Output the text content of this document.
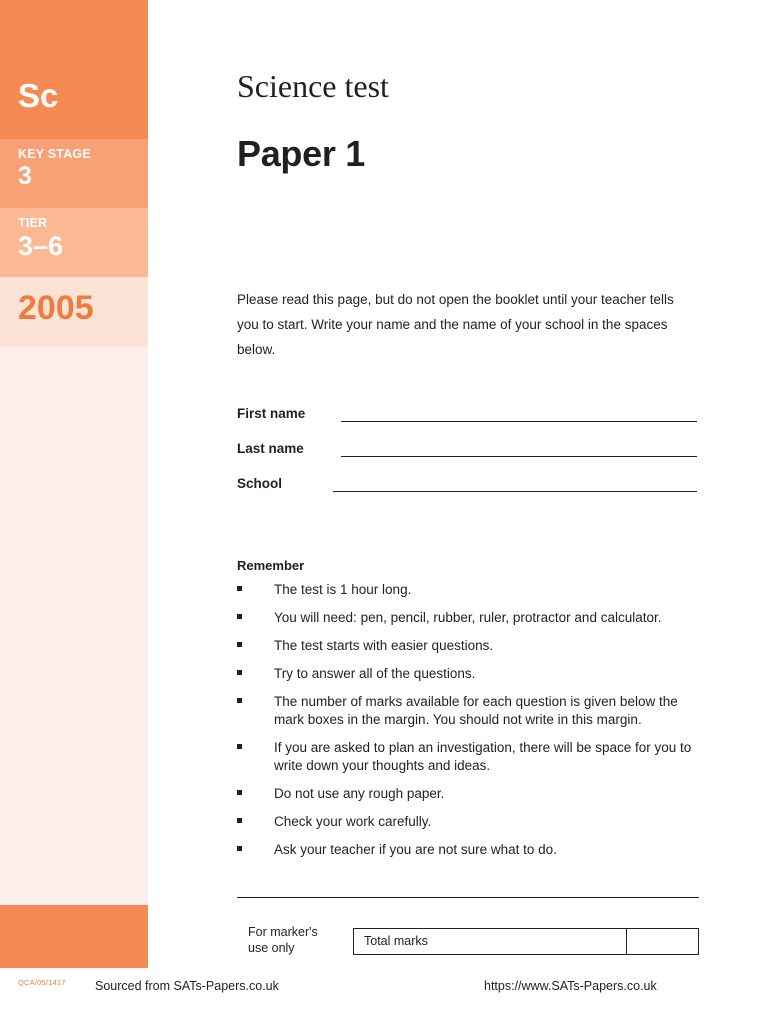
Sc
KEY STAGE
3
TIER
3–6
2005
QCA/05/1417
Science test
Paper 1
Please read this page, but do not open the booklet until your teacher tells you to start. Write your name and the name of your school in the spaces below.
First name
Last name
School
Remember
The test is 1 hour long.
You will need: pen, pencil, rubber, ruler, protractor and calculator.
The test starts with easier questions.
Try to answer all of the questions.
The number of marks available for each question is given below the mark boxes in the margin. You should not write in this margin.
If you are asked to plan an investigation, there will be space for you to write down your thoughts and ideas.
Do not use any rough paper.
Check your work carefully.
Ask your teacher if you are not sure what to do.
For marker's
use only	Total marks
Sourced from SATs-Papers.co.uk	https://www.SATs-Papers.co.uk
